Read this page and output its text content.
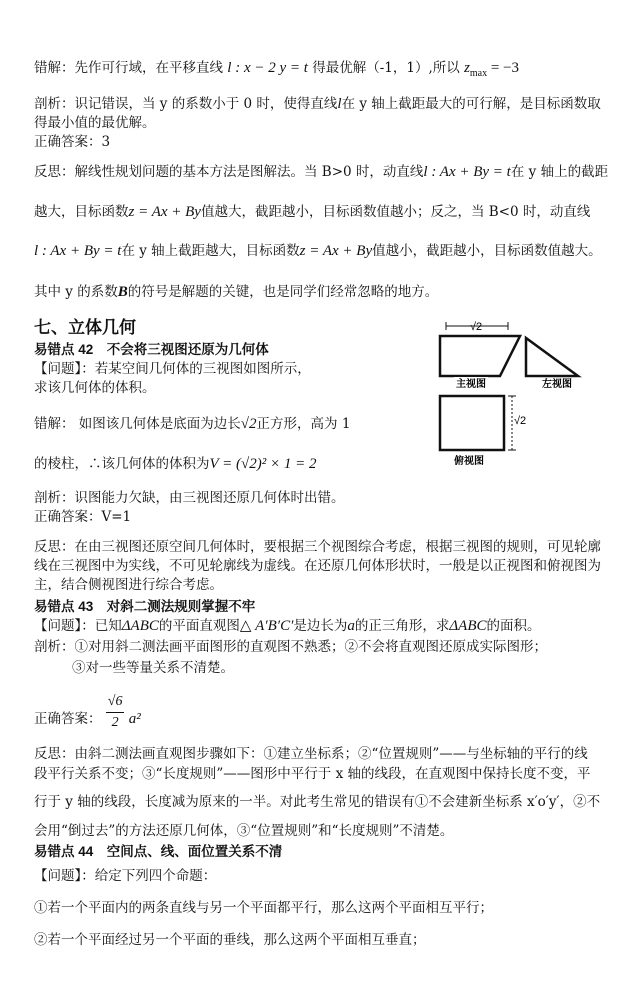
错解：先作可行域，在平移直线 l : x − 2 y = t 得最优解（-1，1）,所以 $z_{max} = -3$
剖析：识记错误，当 y 的系数小于 0 时，使得直线l在 y 轴上截距最大的可行解，是目标函数取
得最小值的最优解。
正确答案：3
反思：解线性规划问题的基本方法是图解法。当 B>0 时，动直线l : Ax + By = t在 y 轴上的截距
越大，目标函数z = Ax + By值越大，截距越小，目标函数值越小；反之，当 B<0 时，动直线
l : Ax + By = t在 y 轴上截距越大，目标函数z = Ax + By值越小，截距越小，目标函数值越大。
其中 y 的系数B的符号是解题的关键，也是同学们经常忽略的地方。
七、立体几何
易错点 42　不会将三视图还原为几何体
【问题】：若某空间几何体的三视图如图所示，
求该几何体的体积。
错解： 如图该几何体是底面为边长√2正方形，高为 1
的棱柱，∴该几何体的体积为V = (√2)² × 1 = 2
剖析：识图能力欠缺，由三视图还原几何体时出错。
正确答案：V=1
反思：在由三视图还原空间几何体时，要根据三个视图综合考虑，根据三视图的规则，可见轮廓
线在三视图中为实线，不可见轮廓线为虚线。在还原几何体形状时，一般是以正视图和俯视图为
主，结合侧视图进行综合考虑。
√2
主视图	左视图
√2
俯视图
易错点 43　对斜二测法规则掌握不牢
【问题】：已知ΔABC的平面直观图△ A′B′C′是边长为a的正三角形，求ΔABC的面积。
剖析：①对用斜二测法画平面图形的直观图不熟悉；②不会将直观图还原成实际图形；
③对一些等量关系不清楚。
正确答案： $\frac{√6}{2} a^2$
反思：由斜二测法画直观图步骤如下：①建立坐标系；②“位置规则”——与坐标轴的平行的线
段平行关系不变；③“长度规则”——图形中平行于 x 轴的线段，在直观图中保持长度不变，平
行于 y 轴的线段，长度减为原来的一半。对此考生常见的错误有①不会建新坐标系 x′o′y′，②不
会用“倒过去”的方法还原几何体，③“位置规则”和“长度规则”不清楚。
易错点 44　空间点、线、面位置关系不清
【问题】：给定下列四个命题：
①若一个平面内的两条直线与另一个平面都平行，那么这两个平面相互平行；
②若一个平面经过另一个平面的垂线，那么这两个平面相互垂直；
